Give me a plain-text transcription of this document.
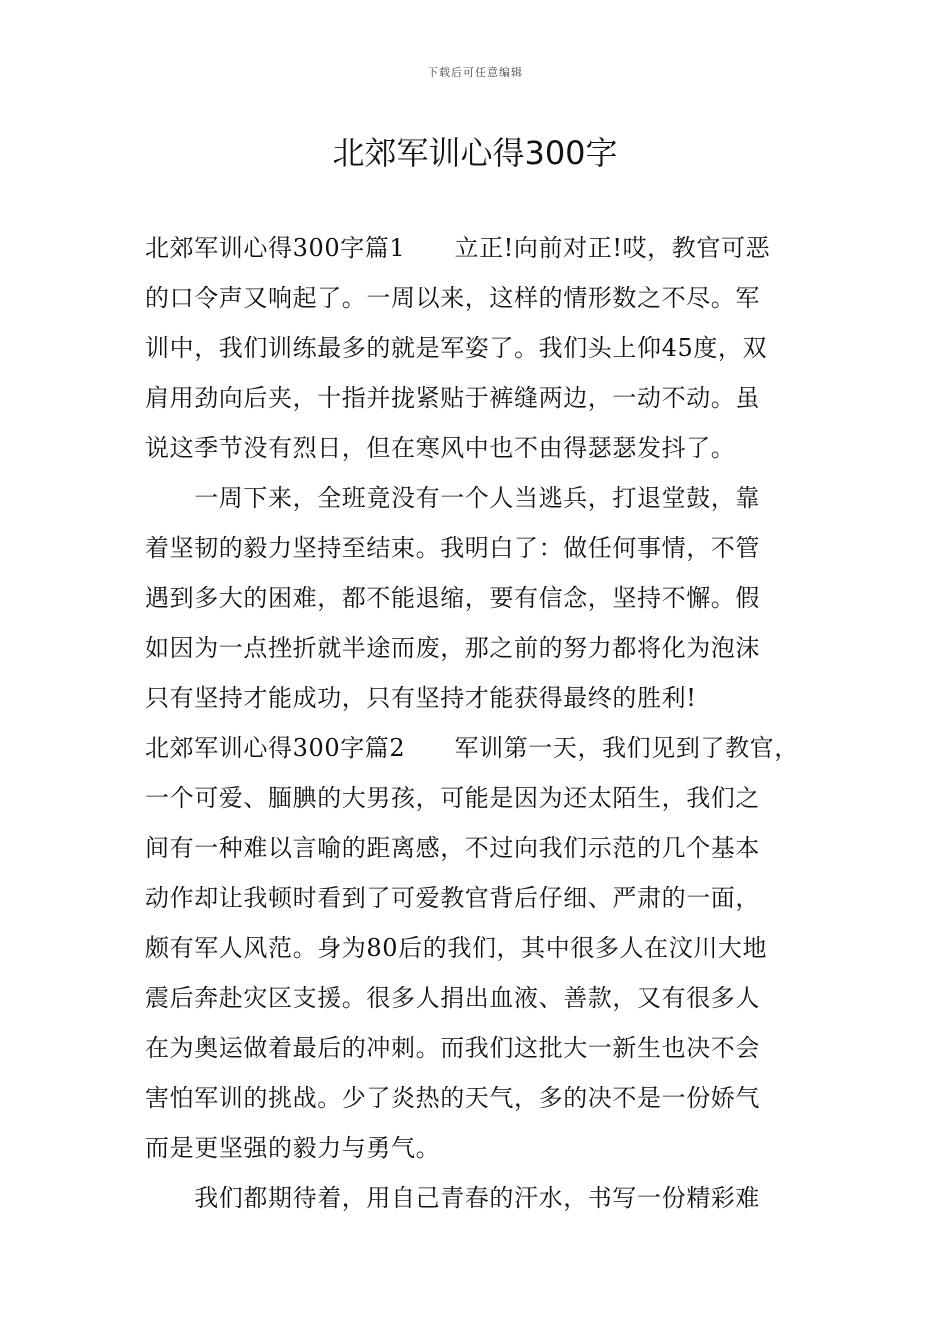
下载后可任意编辑
北郊军训心得300字
北郊军训心得300字篇1　　立正!向前对正!哎，教官可恶
的口令声又响起了。一周以来，这样的情形数之不尽。军
训中，我们训练最多的就是军姿了。我们头上仰45度，双
肩用劲向后夹，十指并拢紧贴于裤缝两边，一动不动。虽
说这季节没有烈日，但在寒风中也不由得瑟瑟发抖了。
　　一周下来，全班竟没有一个人当逃兵，打退堂鼓，靠
着坚韧的毅力坚持至结束。我明白了：做任何事情，不管
遇到多大的困难，都不能退缩，要有信念，坚持不懈。假
如因为一点挫折就半途而废，那之前的努力都将化为泡沫
只有坚持才能成功，只有坚持才能获得最终的胜利!
北郊军训心得300字篇2　　军训第一天，我们见到了教官，
一个可爱、腼腆的大男孩，可能是因为还太陌生，我们之
间有一种难以言喻的距离感，不过向我们示范的几个基本
动作却让我顿时看到了可爱教官背后仔细、严肃的一面，
颇有军人风范。身为80后的我们，其中很多人在汶川大地
震后奔赴灾区支援。很多人捐出血液、善款，又有很多人
在为奥运做着最后的冲刺。而我们这批大一新生也决不会
害怕军训的挑战。少了炎热的天气，多的决不是一份娇气
而是更坚强的毅力与勇气。
　　我们都期待着，用自己青春的汗水，书写一份精彩难
